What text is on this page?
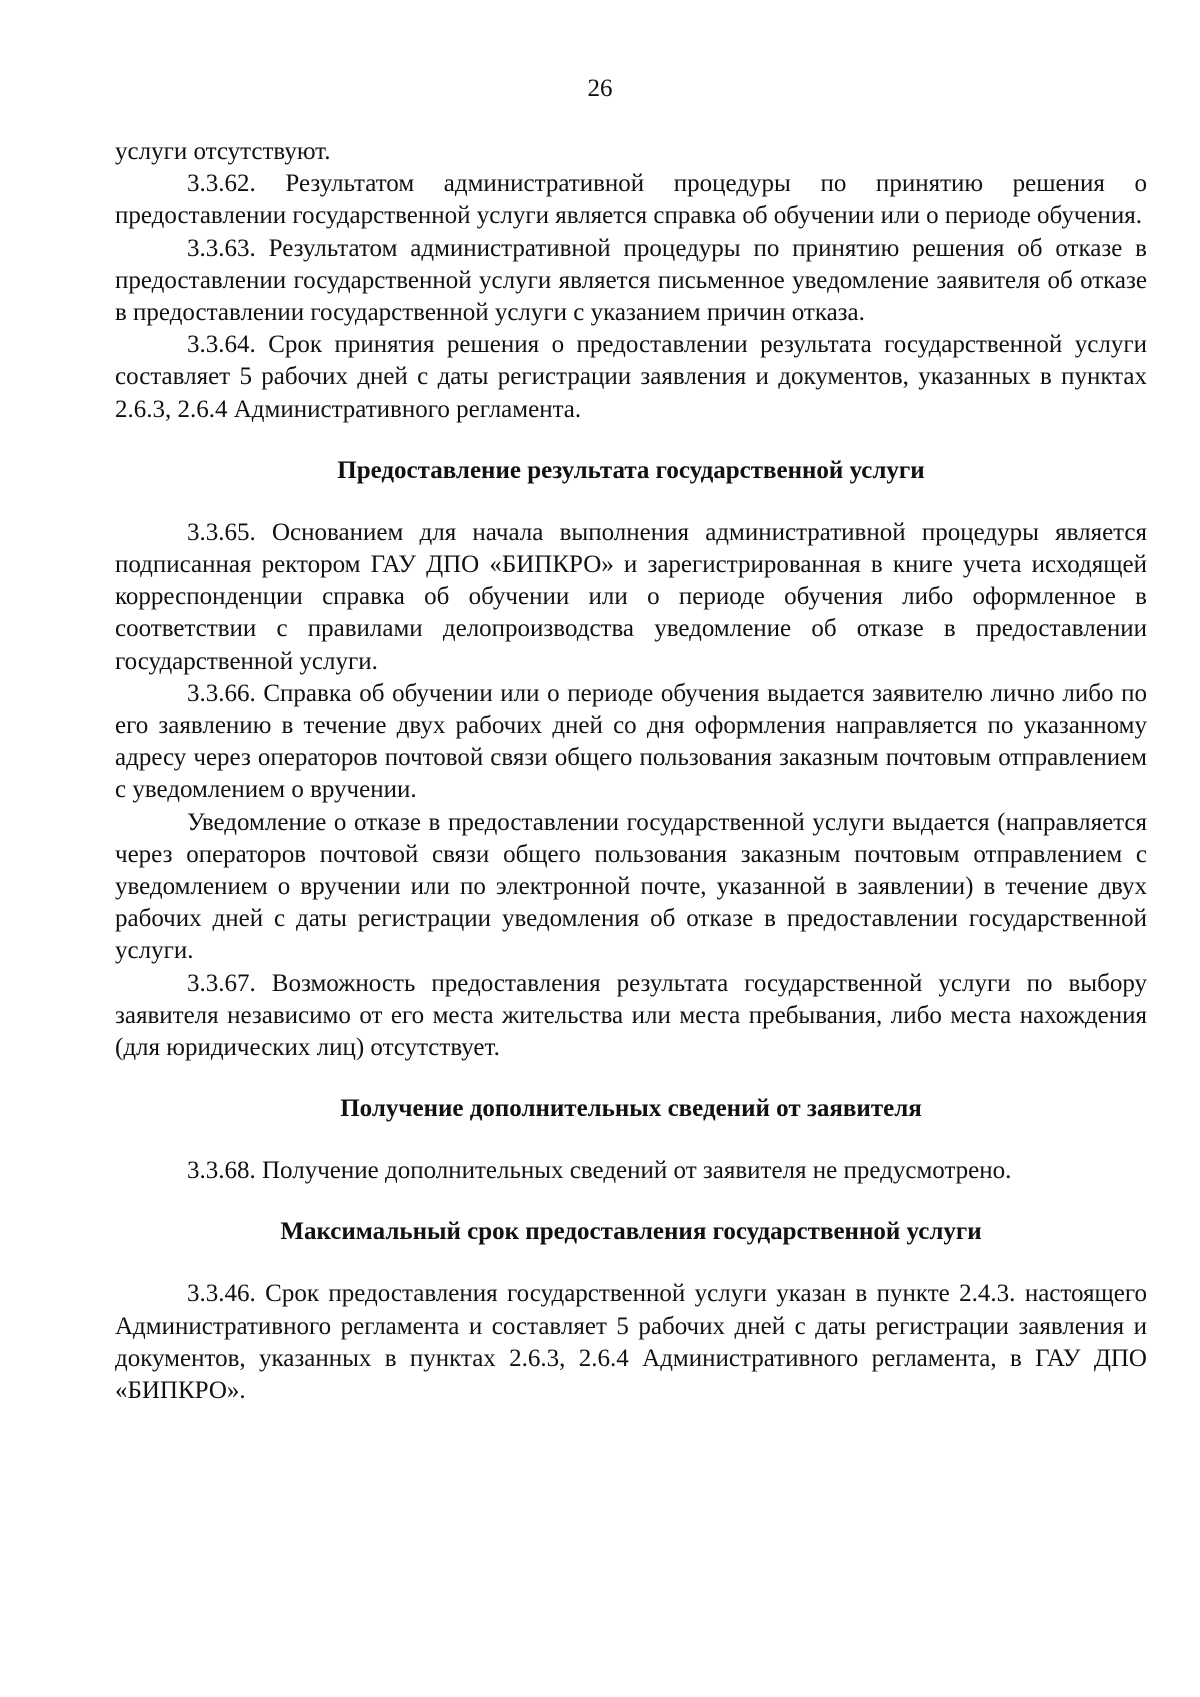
26

услуги отсутствуют.

3.3.62. Результатом административной процедуры по принятию решения о предоставлении государственной услуги является справка об обучении или о периоде обучения.

3.3.63. Результатом административной процедуры по принятию решения об отказе в предоставлении государственной услуги является письменное уведомление заявителя об отказе в предоставлении государственной услуги с указанием причин отказа.

3.3.64. Срок принятия решения о предоставлении результата государственной услуги составляет 5 рабочих дней с даты регистрации заявления и документов, указанных в пунктах 2.6.3, 2.6.4 Административного регламента.

Предоставление результата государственной услуги

3.3.65. Основанием для начала выполнения административной процедуры является подписанная ректором ГАУ ДПО «БИПКРО» и зарегистрированная в книге учета исходящей корреспонденции справка об обучении или о периоде обучения либо оформленное в соответствии с правилами делопроизводства уведомление об отказе в предоставлении государственной услуги.

3.3.66. Справка об обучении или о периоде обучения выдается заявителю лично либо по его заявлению в течение двух рабочих дней со дня оформления направляется по указанному адресу через операторов почтовой связи общего пользования заказным почтовым отправлением с уведомлением о вручении.

Уведомление о отказе в предоставлении государственной услуги выдается (направляется через операторов почтовой связи общего пользования заказным почтовым отправлением с уведомлением о вручении или по электронной почте, указанной в заявлении) в течение двух рабочих дней с даты регистрации уведомления об отказе в предоставлении государственной услуги.

3.3.67. Возможность предоставления результата государственной услуги по выбору заявителя независимо от его места жительства или места пребывания, либо места нахождения (для юридических лиц) отсутствует.

Получение дополнительных сведений от заявителя

3.3.68. Получение дополнительных сведений от заявителя не предусмотрено.

Максимальный срок предоставления государственной услуги

3.3.46. Срок предоставления государственной услуги указан в пункте 2.4.3. настоящего Административного регламента и составляет 5 рабочих дней с даты регистрации заявления и документов, указанных в пунктах 2.6.3, 2.6.4 Административного регламента, в ГАУ ДПО «БИПКРО».
